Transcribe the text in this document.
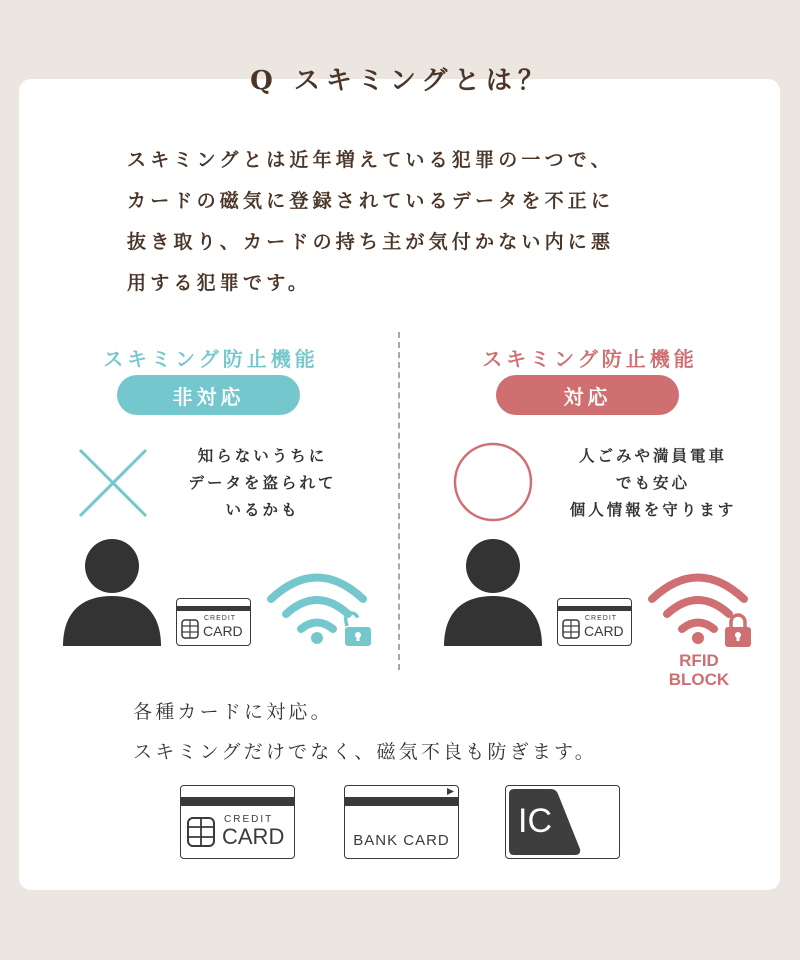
Q スキミングとは？
スキミングとは近年増えている犯罪の一つで、
カードの磁気に登録されているデータを不正に
抜き取り、カードの持ち主が気付かない内に悪
用する犯罪です。
スキミング防止機能
非対応
知らないうちに
データを盗られて
いるかも
CREDIT
CARD
スキミング防止機能
対応
人ごみや満員電車
でも安心
個人情報を守ります
CREDIT
CARD
RFID
BLOCK
各種カードに対応。
スキミングだけでなく、磁気不良も防ぎます。
CREDIT
CARD	BANK CARD
IC
